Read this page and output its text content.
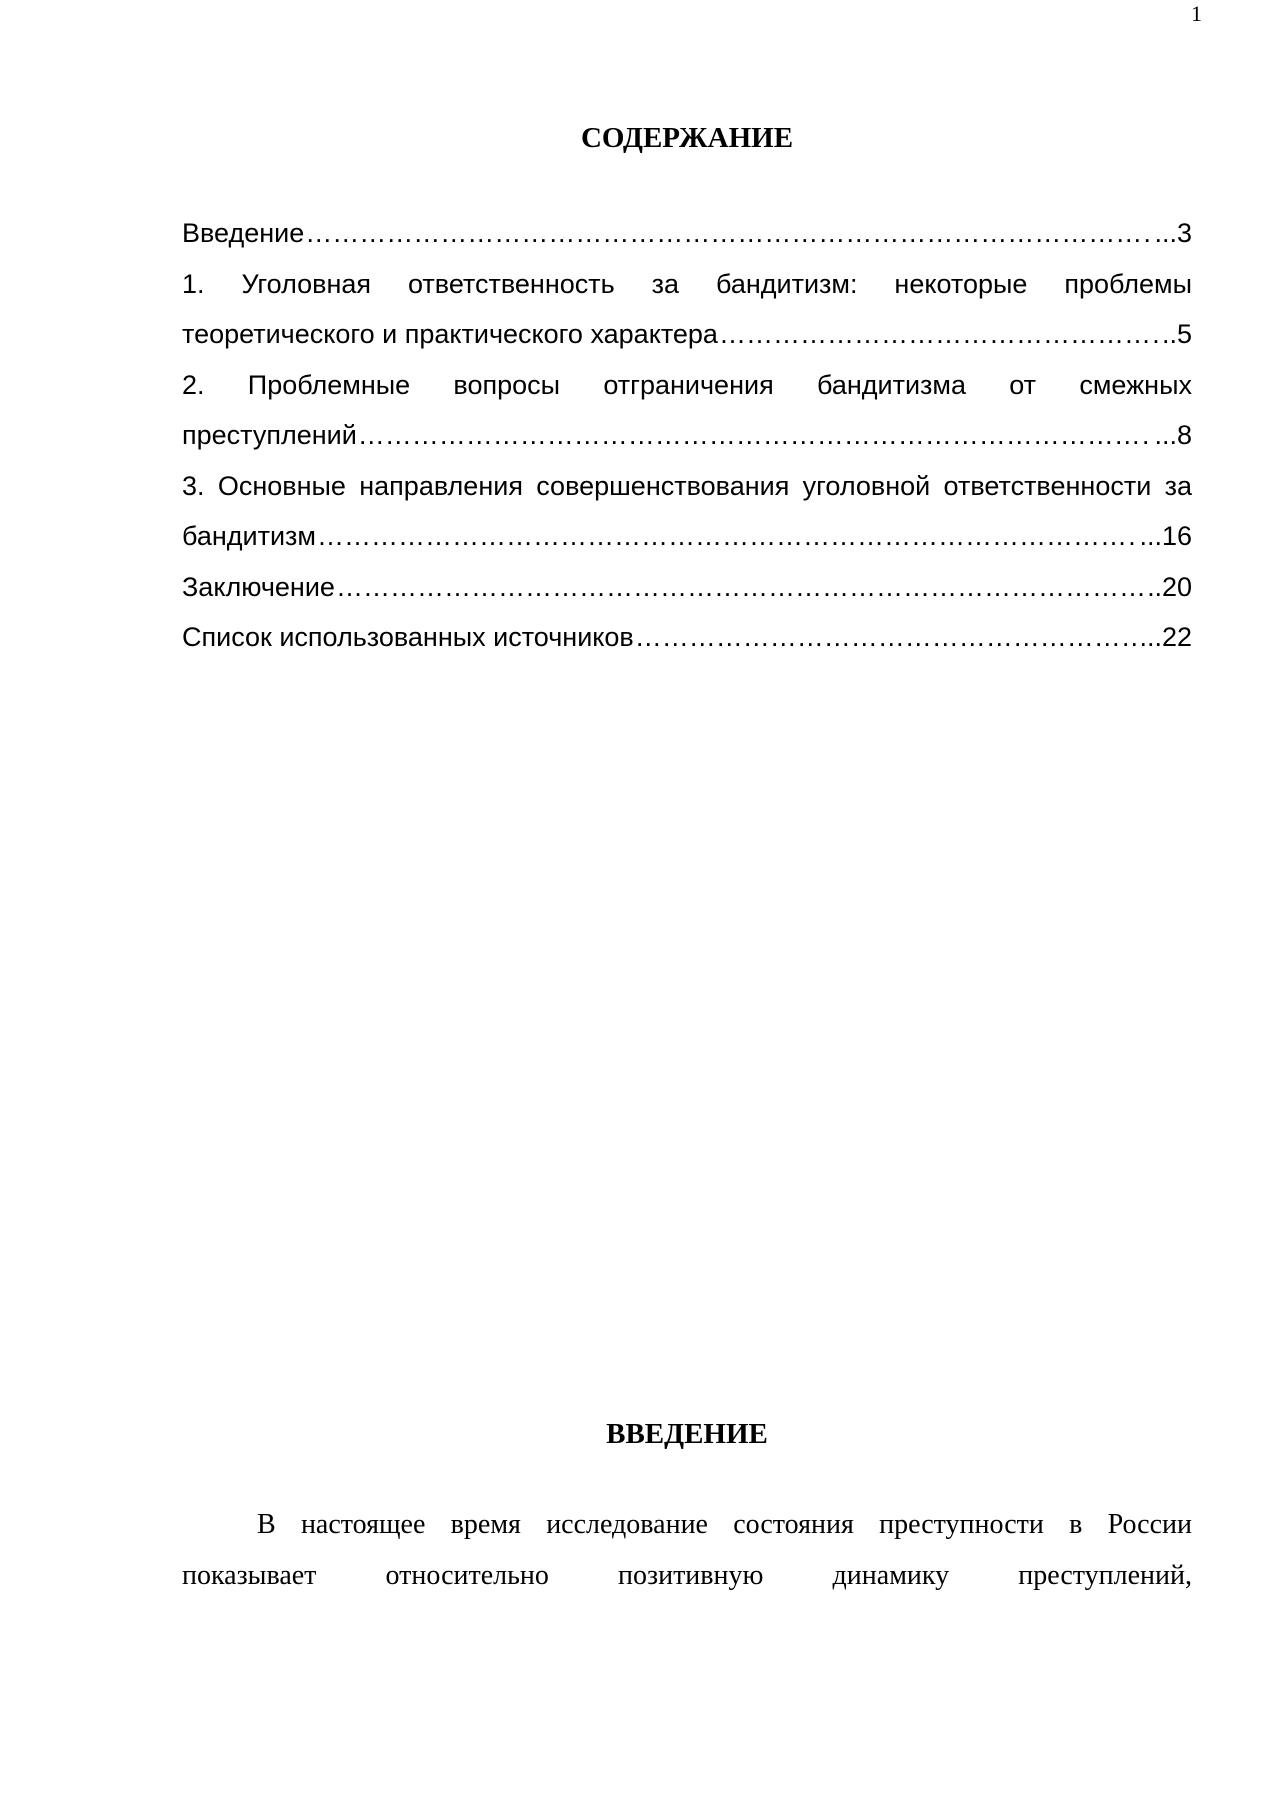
1
СОДЕРЖАНИЕ
Введение ……………………………………………………………………………………………………………………………………………………………………………………………	...3
1. Уголовная ответственность за бандитизм: некоторые проблемы
теоретического и практического характера ……………………………………………………………………………………………………………………………………………………………………………………………	..5
2. Проблемные вопросы отграничения бандитизма от смежных
преступлений ……………………………………………………………………………………………………………………………………………………………………………………………	...8
3. Основные направления совершенствования уголовной ответственности за
бандитизм ……………………………………………………………………………………………………………………………………………………………………………………………	...16
Заключение ……………………………………………………………………………………………………………………………………………………………………………………………	.20
Список использованных источников ……………………………………………………………………………………………………………………………………………………………………………………………	...22
ВВЕДЕНИЕ
В настоящее время исследование состояния преступности в России
показывает относительно позитивную динамику преступлений,
